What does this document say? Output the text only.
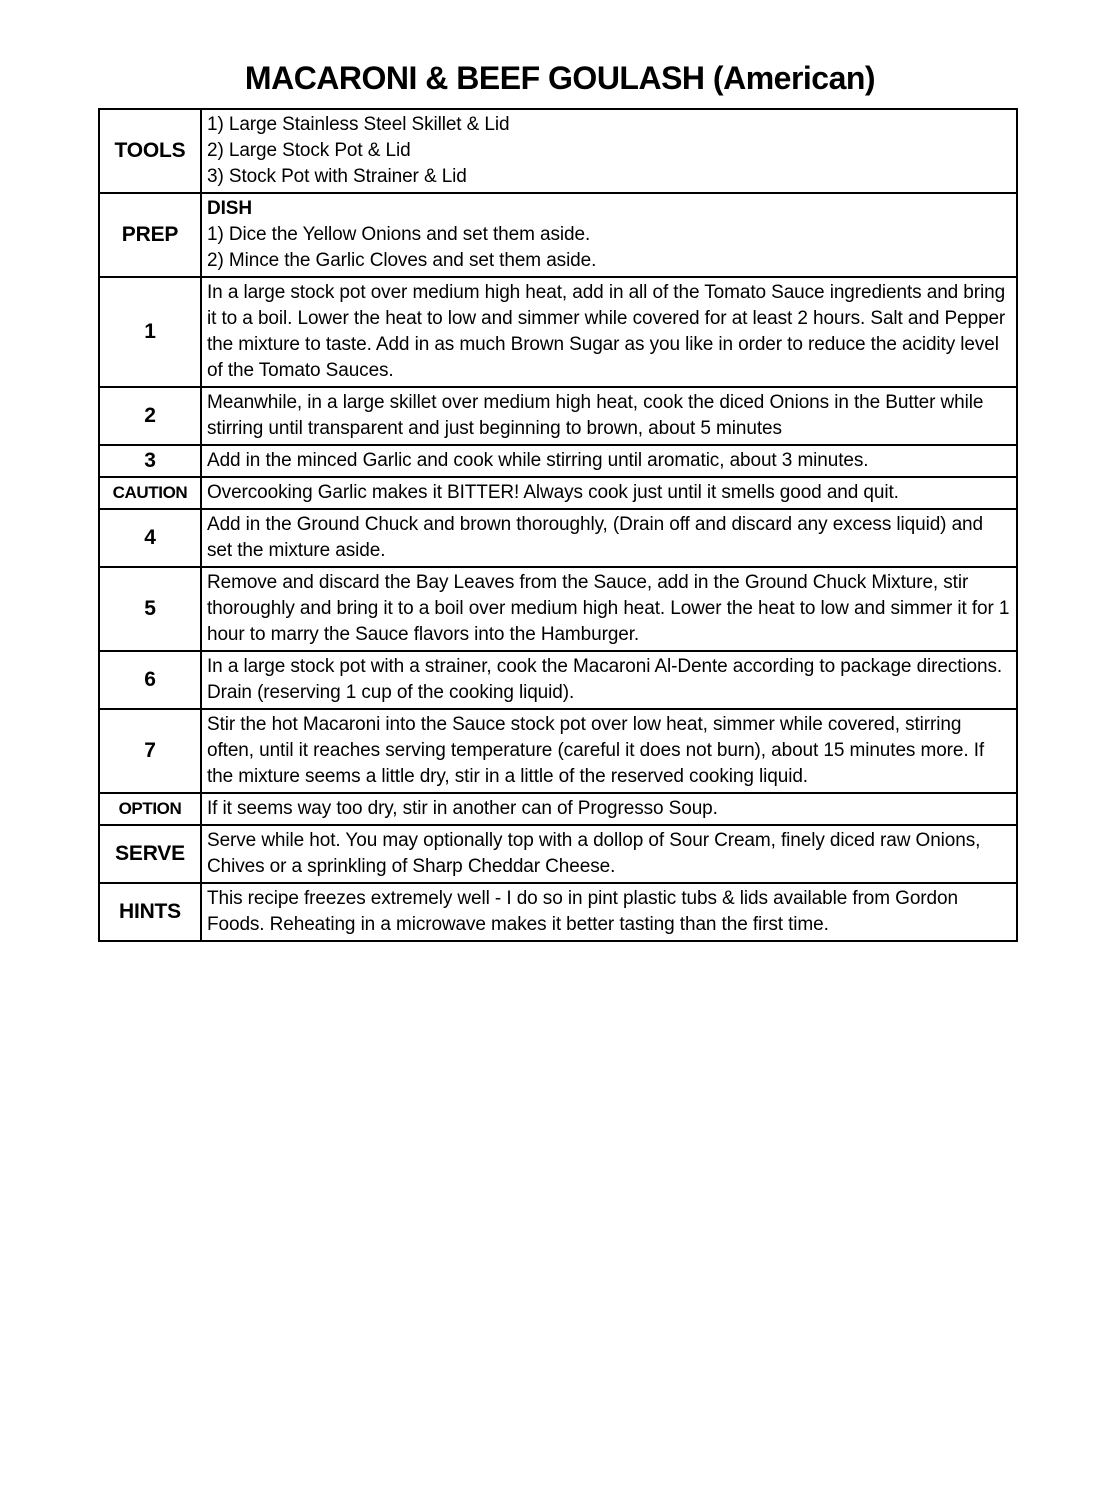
MACARONI & BEEF GOULASH (American)
TOOLS	1) Large Stainless Steel Skillet & Lid
2) Large Stock Pot & Lid
3) Stock Pot with Strainer & Lid

PREP	DISH
1) Dice the Yellow Onions and set them aside.
2) Mince the Garlic Cloves and set them aside.

1	In a large stock pot over medium high heat, add in all of the Tomato Sauce ingredients and bring it to a boil. Lower the heat to low and simmer while covered for at least 2 hours. Salt and Pepper the mixture to taste. Add in as much Brown Sugar as you like in order to reduce the acidity level of the Tomato Sauces.

2	Meanwhile, in a large skillet over medium high heat, cook the diced Onions in the Butter while stirring until transparent and just beginning to brown, about 5 minutes

3	Add in the minced Garlic and cook while stirring until aromatic, about 3 minutes.

CAUTION	Overcooking Garlic makes it BITTER! Always cook just until it smells good and quit.

4	Add in the Ground Chuck and brown thoroughly, (Drain off and discard any excess liquid) and set the mixture aside.

5	Remove and discard the Bay Leaves from the Sauce, add in the Ground Chuck Mixture, stir thoroughly and bring it to a boil over medium high heat. Lower the heat to low and simmer it for 1 hour to marry the Sauce flavors into the Hamburger.

6	In a large stock pot with a strainer, cook the Macaroni Al-Dente according to package directions. Drain (reserving 1 cup of the cooking liquid).

7	Stir the hot Macaroni into the Sauce stock pot over low heat, simmer while covered, stirring often, until it reaches serving temperature (careful it does not burn), about 15 minutes more. If the mixture seems a little dry, stir in a little of the reserved cooking liquid.

OPTION	If it seems way too dry, stir in another can of Progresso Soup.

SERVE	Serve while hot. You may optionally top with a dollop of Sour Cream, finely diced raw Onions, Chives or a sprinkling of Sharp Cheddar Cheese.

HINTS	This recipe freezes extremely well - I do so in pint plastic tubs & lids available from Gordon Foods. Reheating in a microwave makes it better tasting than the first time.
